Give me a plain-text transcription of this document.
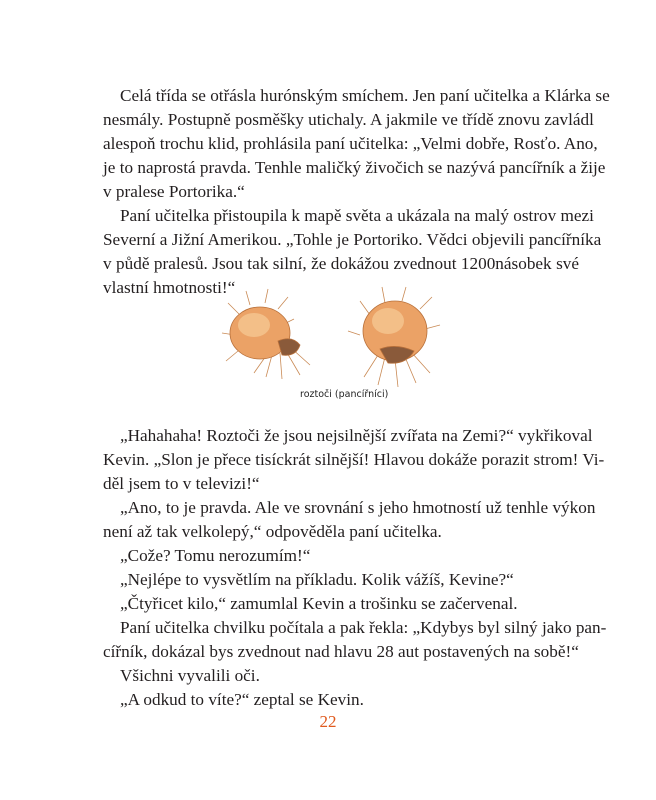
Celá třída se otřásla hurónským smíchem. Jen paní učitelka a Klárka se
nesmály. Postupně posměšky utichaly. A jakmile ve třídě znovu zavládl
alespoň trochu klid, prohlásila paní učitelka: „Velmi dobře, Rosťo. Ano,
je to naprostá pravda. Tenhle maličký živočich se nazývá pancířník a žije
v pralese Portorika.“
Paní učitelka přistoupila k mapě světa a ukázala na malý ostrov mezi
Severní a Jižní Amerikou. „Tohle je Portoriko. Vědci objevili pancířníka
v půdě pralesů. Jsou tak silní, že dokážou zvednout 1200násobek své
vlastní hmotnosti!“
roztoči (pancířníci)
„Hahahaha! Roztoči že jsou nejsilnější zvířata na Zemi?“ vykřikoval
Kevin. „Slon je přece tisíckrát silnější! Hlavou dokáže porazit strom! Vi-
děl jsem to v televizi!“
„Ano, to je pravda. Ale ve srovnání s jeho hmotností už tenhle výkon
není až tak velkolepý,“ odpověděla paní učitelka.
„Cože? Tomu nerozumím!“
„Nejlépe to vysvětlím na příkladu. Kolik vážíš, Kevine?“
„Čtyřicet kilo,“ zamumlal Kevin a trošinku se začervenal.
Paní učitelka chvilku počítala a pak řekla: „Kdybys byl silný jako pan-
cířník, dokázal bys zvednout nad hlavu 28 aut postavených na sobě!“
Všichni vyvalili oči.
„A odkud to víte?“ zeptal se Kevin.
22
